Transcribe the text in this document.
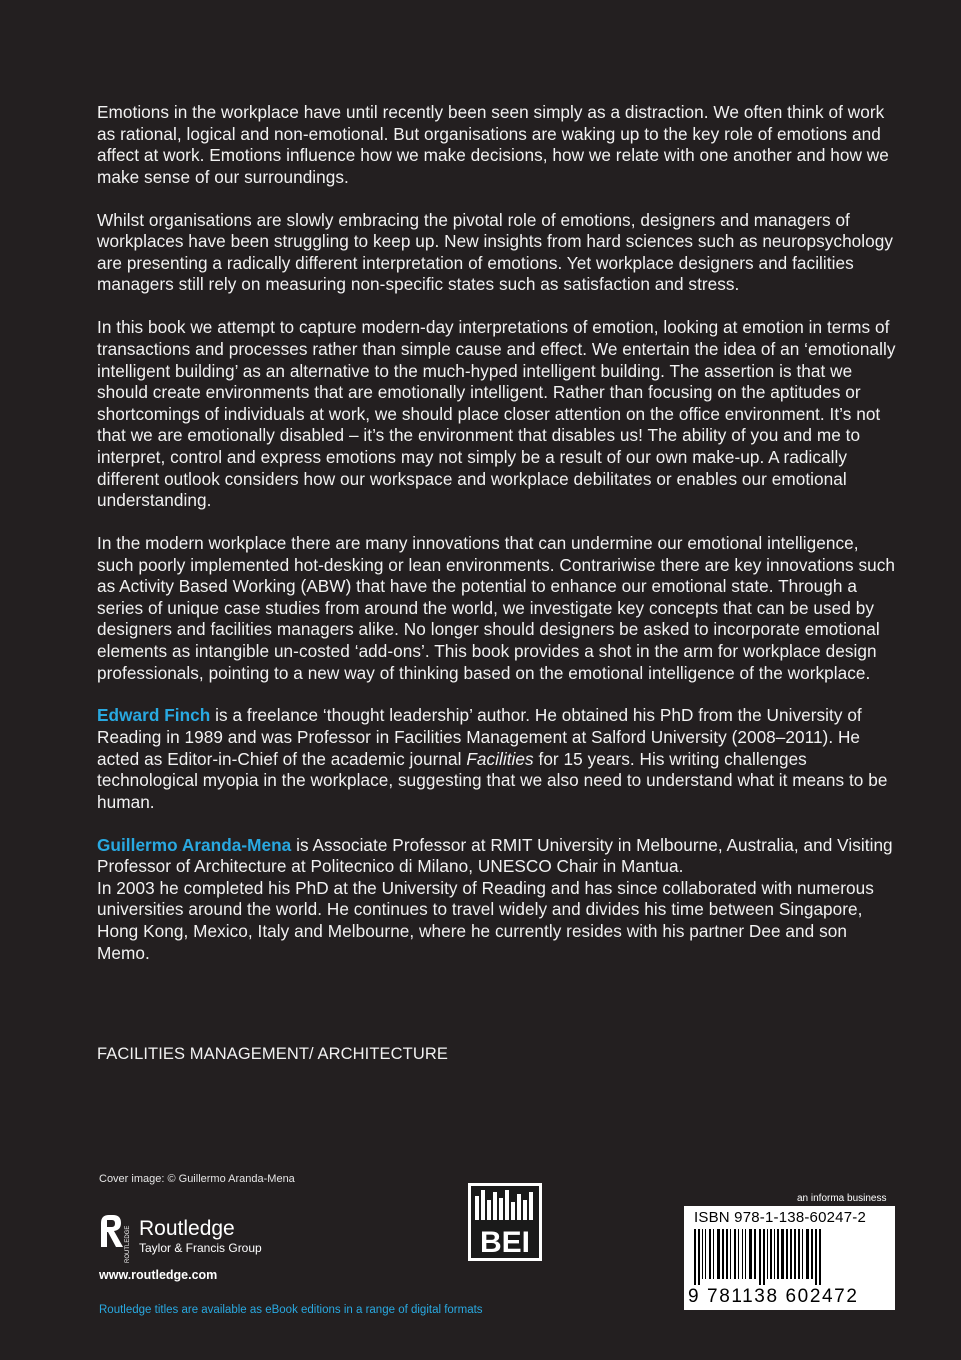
Emotions in the workplace have until recently been seen simply as a distraction. We often think of work as rational, logical and non-emotional. But organisations are waking up to the key role of emotions and affect at work. Emotions influence how we make decisions, how we relate with one another and how we make sense of our surroundings.

Whilst organisations are slowly embracing the pivotal role of emotions, designers and managers of workplaces have been struggling to keep up. New insights from hard sciences such as neuropsychology are presenting a radically different interpretation of emotions. Yet workplace designers and facilities managers still rely on measuring non-specific states such as satisfaction and stress.

In this book we attempt to capture modern-day interpretations of emotion, looking at emotion in terms of transactions and processes rather than simple cause and effect. We entertain the idea of an ‘emotionally intelligent building’ as an alternative to the much-hyped intelligent building. The assertion is that we should create environments that are emotionally intelligent. Rather than focusing on the aptitudes or shortcomings of individuals at work, we should place closer attention on the office environment. It’s not that we are emotionally disabled – it’s the environment that disables us! The ability of you and me to interpret, control and express emotions may not simply be a result of our own make-up. A radically different outlook considers how our workspace and workplace debilitates or enables our emotional understanding.

In the modern workplace there are many innovations that can undermine our emotional intelligence, such poorly implemented hot-desking or lean environments. Contrariwise there are key innovations such as Activity Based Working (ABW) that have the potential to enhance our emotional state. Through a series of unique case studies from around the world, we investigate key concepts that can be used by designers and facilities managers alike. No longer should designers be asked to incorporate emotional elements as intangible un-costed ‘add-ons’. This book provides a shot in the arm for workplace design professionals, pointing to a new way of thinking based on the emotional intelligence of the workplace.

Edward Finch is a freelance ‘thought leadership’ author. He obtained his PhD from the University of Reading in 1989 and was Professor in Facilities Management at Salford University (2008–2011). He acted as Editor-in-Chief of the academic journal Facilities for 15 years. His writing challenges technological myopia in the workplace, suggesting that we also need to understand what it means to be human.

Guillermo Aranda-Mena is Associate Professor at RMIT University in Melbourne, Australia, and Visiting Professor of Architecture at Politecnico di Milano, UNESCO Chair in Mantua.
In 2003 he completed his PhD at the University of Reading and has since collaborated with numerous universities around the world. He continues to travel widely and divides his time between Singapore, Hong Kong, Mexico, Italy and Melbourne, where he currently resides with his partner Dee and son Memo.

FACILITIES MANAGEMENT/ ARCHITECTURE
Cover image: © Guillermo Aranda-Mena
ROUTLEDGE Routledge
Taylor & Francis Group
www.routledge.com
Routledge titles are available as eBook editions in a range of digital formats
BEI
an informa business
ISBN 978-1-138-60247-2
9 781138 602472
